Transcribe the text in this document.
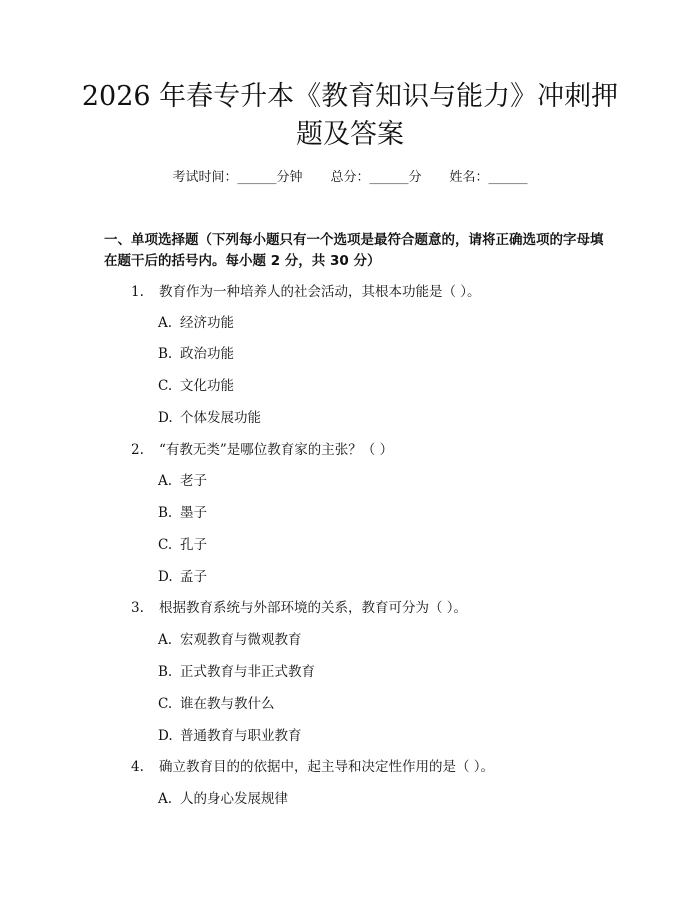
2026 年春专升本《教育知识与能力》冲刺押
题及答案
考试时间：______分钟 总分：______分 姓名：______
一、单项选择题（下列每小题只有一个选项是最符合题意的，请将正确选项的字母填在题干后的括号内。每小题 2 分，共 30 分）
1. 教育作为一种培养人的社会活动，其根本功能是（ ）。
A. 经济功能
B. 政治功能
C. 文化功能
D. 个体发展功能
2. “有教无类”是哪位教育家的主张？（ ）
A. 老子
B. 墨子
C. 孔子
D. 孟子
3. 根据教育系统与外部环境的关系，教育可分为（ ）。
A. 宏观教育与微观教育
B. 正式教育与非正式教育
C. 谁在教与教什么
D. 普通教育与职业教育
4. 确立教育目的的依据中，起主导和决定性作用的是（ ）。
A. 人的身心发展规律
